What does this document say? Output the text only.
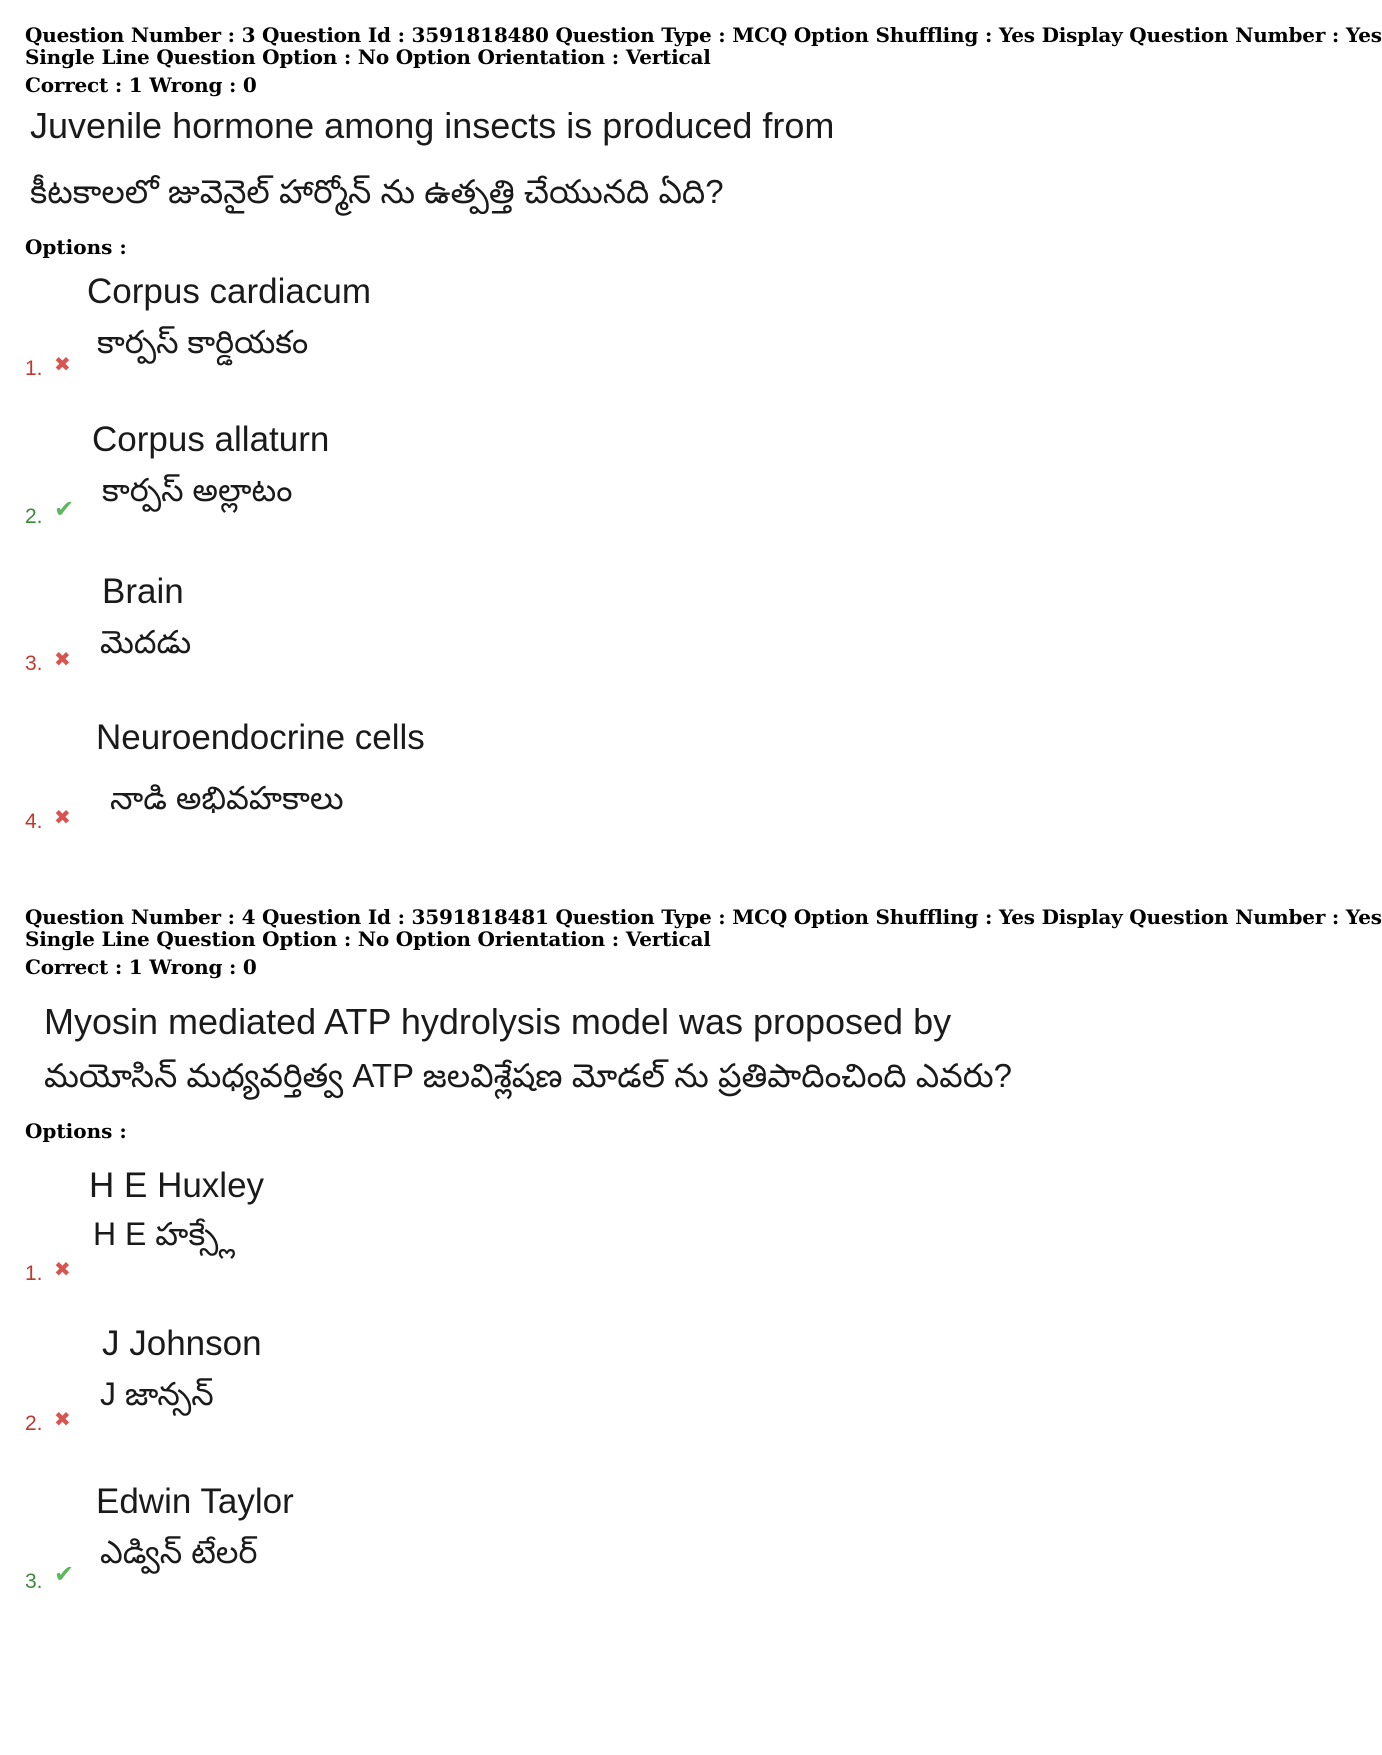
Question Number : 3 Question Id : 3591818480 Question Type : MCQ Option Shuffling : Yes Display Question Number : Yes
Single Line Question Option : No Option Orientation : Vertical
Correct : 1 Wrong : 0
Juvenile hormone among insects is produced from
కీటకాలలో జువెనైల్ హార్మోన్ ను ఉత్పత్తి చేయునది ఏది?
Options :
Corpus cardiacum
కార్పస్ కార్డియకం
1. ✖
Corpus allaturn
కార్పస్ అల్లాటం
2. ✔
Brain
మెదడు
3. ✖
Neuroendocrine cells
నాడి అభివహకాలు
4. ✖
Question Number : 4 Question Id : 3591818481 Question Type : MCQ Option Shuffling : Yes Display Question Number : Yes
Single Line Question Option : No Option Orientation : Vertical
Correct : 1 Wrong : 0
Myosin mediated ATP hydrolysis model was proposed by
మయోసిన్ మధ్యవర్తిత్వ ATP జలవిశ్లేషణ మోడల్ ను ప్రతిపాదించింది ఎవరు?
Options :
H E Huxley
H E హక్స్లే
1. ✖
J Johnson
J జాన్సన్
2. ✖
Edwin Taylor
ఎడ్విన్ టేలర్
3. ✔
